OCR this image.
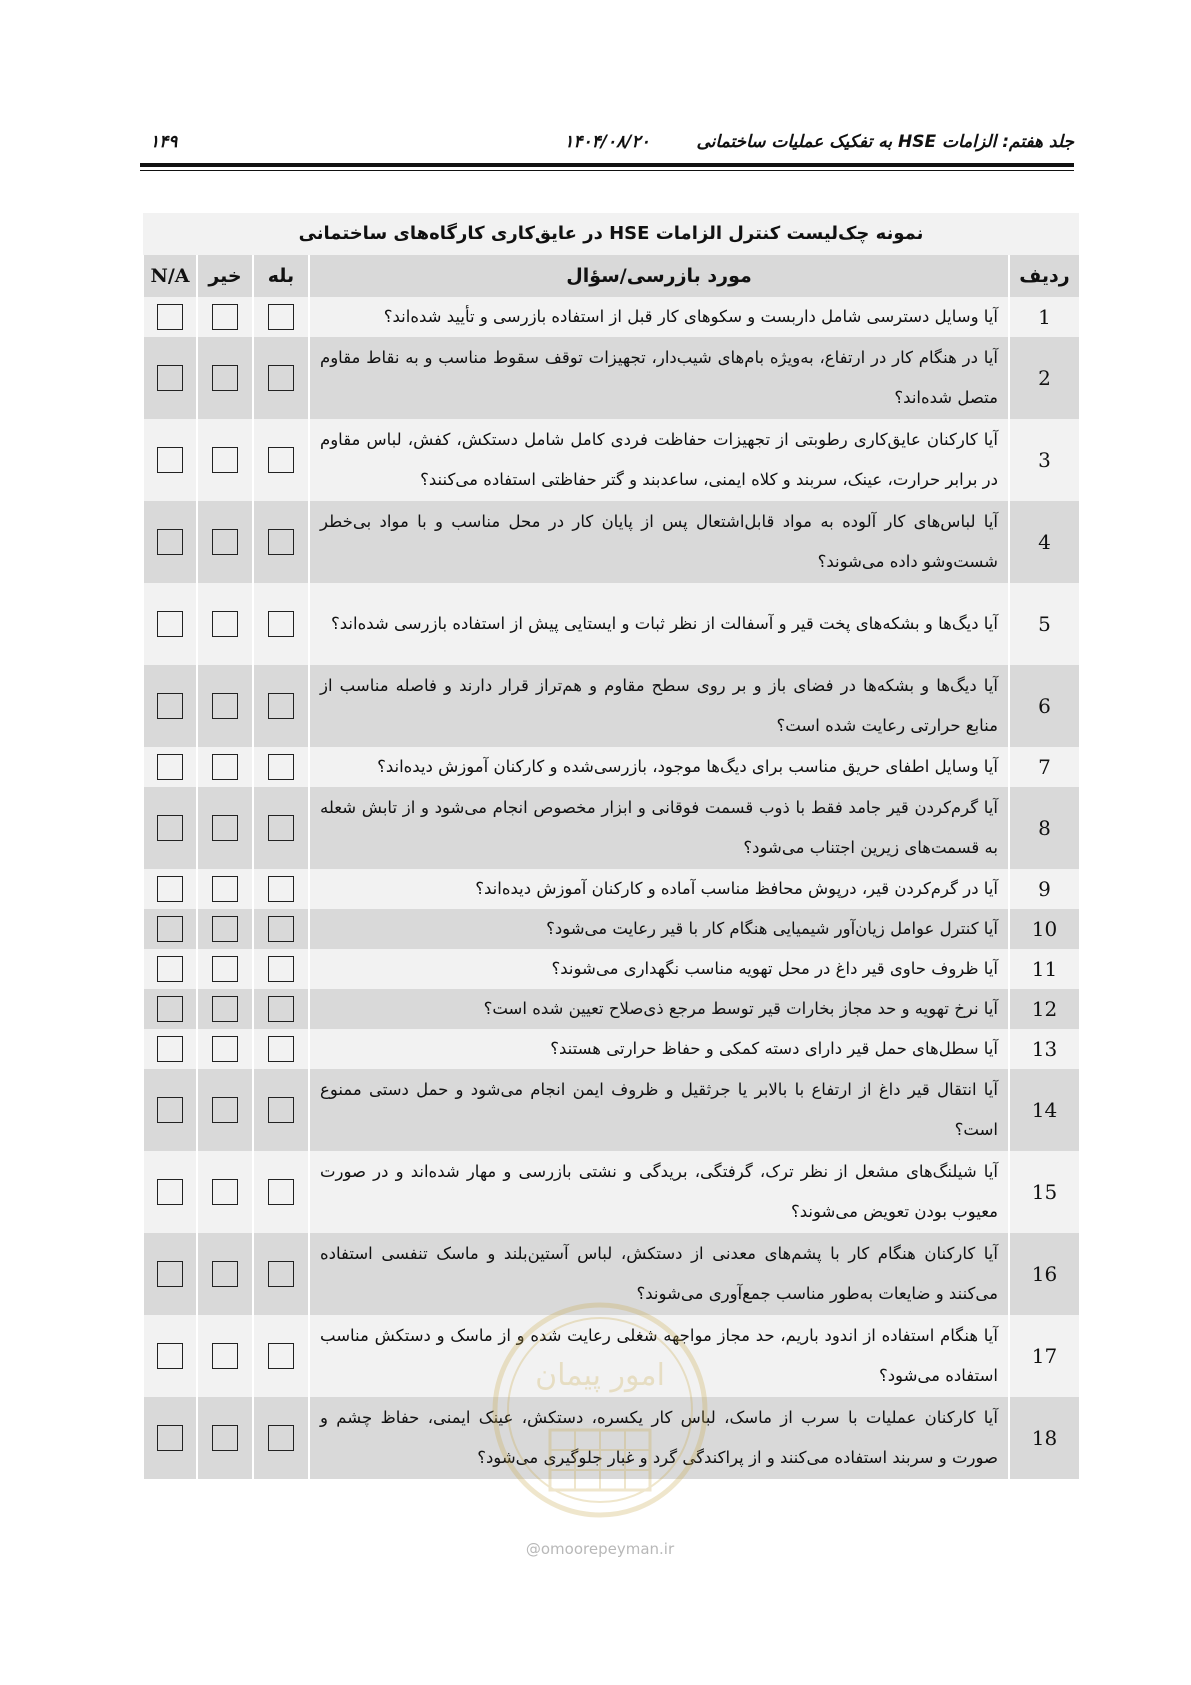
جلد هفتم: الزامات HSE به تفکیک عملیات ساختمانی
۱۴۰۴/۰۸/۲۰
۱۴۹
نمونه چک‌لیست کنترل الزامات HSE در عایق‌کاری کارگاه‌های ساختمانی
ردیف	مورد بازرسی/سؤال	بله	خیر	N/A
1	آیا وسایل دسترسی شامل داربست و سکوهای کار قبل از استفاده بازرسی و تأیید شده‌اند؟			
2	آیا در هنگام کار در ارتفاع، به‌ویژه بام‌های شیب‌دار، تجهیزات توقف سقوط مناسب و به نقاط مقاوم متصل شده‌اند؟			
3	آیا کارکنان عایق‌کاری رطوبتی از تجهیزات حفاظت فردی کامل شامل دستکش، کفش، لباس مقاوم در برابر حرارت، عینک، سربند و کلاه ایمنی، ساعدبند و گتر حفاظتی استفاده می‌کنند؟			
4	آیا لباس‌های کار آلوده به مواد قابل‌اشتعال پس از پایان کار در محل مناسب و با مواد بی‌خطر شست‌وشو داده می‌شوند؟			
5	آیا دیگ‌ها و بشکه‌های پخت قیر و آسفالت از نظر ثبات و ایستایی پیش از استفاده بازرسی شده‌اند؟			
6	آیا دیگ‌ها و بشکه‌ها در فضای باز و بر روی سطح مقاوم و هم‌تراز قرار دارند و فاصله مناسب از منابع حرارتی رعایت شده است؟			
7	آیا وسایل اطفای حریق مناسب برای دیگ‌ها موجود، بازرسی‌شده و کارکنان آموزش دیده‌اند؟			
8	آیا گرم‌کردن قیر جامد فقط با ذوب قسمت فوقانی و ابزار مخصوص انجام می‌شود و از تابش شعله به قسمت‌های زیرین اجتناب می‌شود؟			
9	آیا در گرم‌کردن قیر، درپوش محافظ مناسب آماده و کارکنان آموزش دیده‌اند؟			
10	آیا کنترل عوامل زیان‌آور شیمیایی هنگام کار با قیر رعایت می‌شود؟			
11	آیا ظروف حاوی قیر داغ در محل تهویه مناسب نگهداری می‌شوند؟			
12	آیا نرخ تهویه و حد مجاز بخارات قیر توسط مرجع ذی‌صلاح تعیین شده است؟			
13	آیا سطل‌های حمل قیر دارای دسته کمکی و حفاظ حرارتی هستند؟			
14	آیا انتقال قیر داغ از ارتفاع با بالابر یا جرثقیل و ظروف ایمن انجام می‌شود و حمل دستی ممنوع است؟			
15	آیا شیلنگ‌های مشعل از نظر ترک، گرفتگی، بریدگی و نشتی بازرسی و مهار شده‌اند و در صورت معیوب بودن تعویض می‌شوند؟			
16	آیا کارکنان هنگام کار با پشم‌های معدنی از دستکش، لباس آستین‌بلند و ماسک تنفسی استفاده می‌کنند و ضایعات به‌طور مناسب جمع‌آوری می‌شوند؟			
17	آیا هنگام استفاده از اندود باریم، حد مجاز مواجهه شغلی رعایت شده و از ماسک و دستکش مناسب استفاده می‌شود؟			
18	آیا کارکنان عملیات با سرب از ماسک، لباس کار یکسره، دستکش، عینک ایمنی، حفاظ چشم و صورت و سربند استفاده می‌کنند و از پراکندگی گرد و غبار جلوگیری می‌شود؟			
امور پیمان
@omoorepeyman.ir
